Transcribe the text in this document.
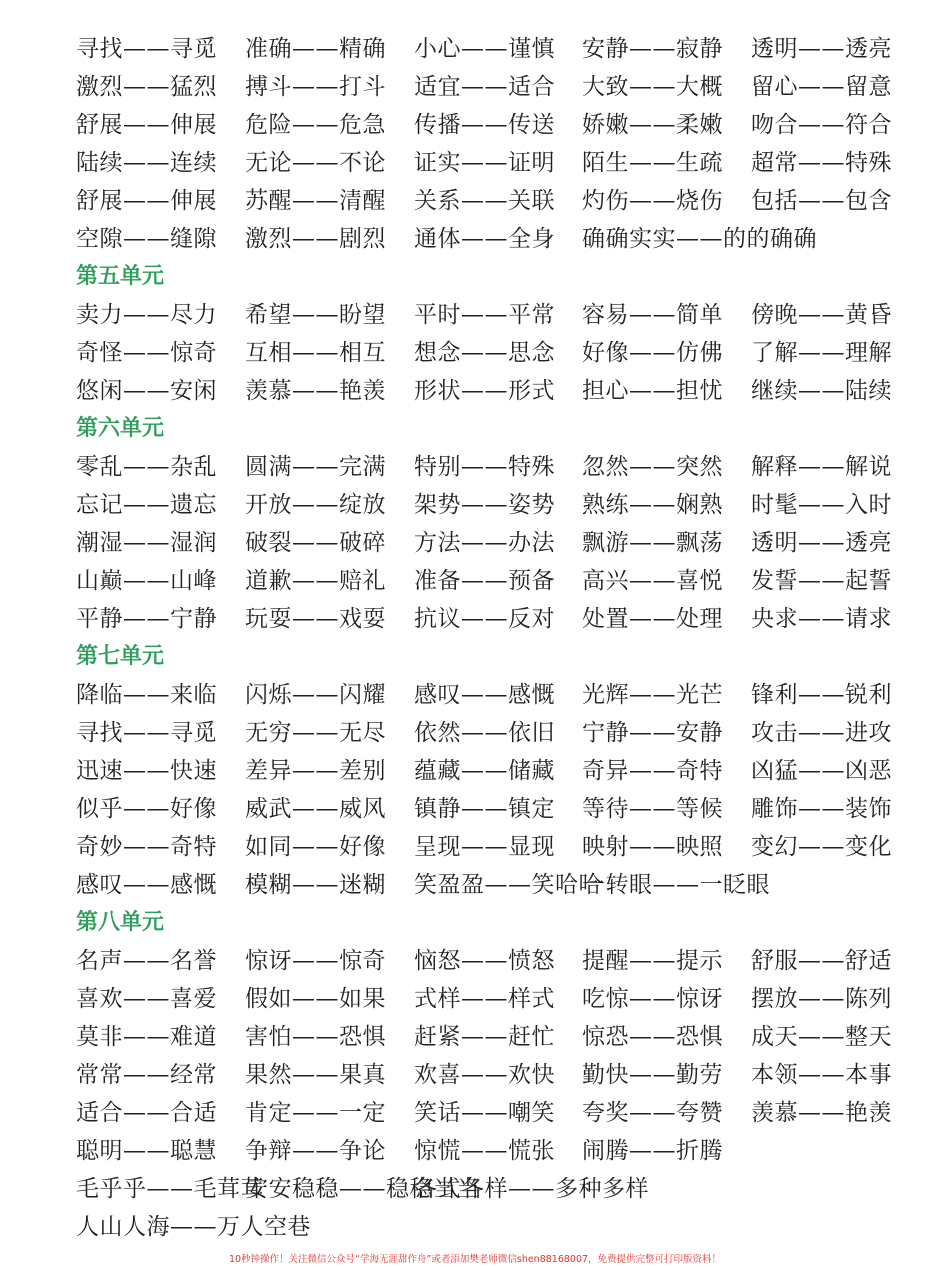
寻找——寻觅 准确——精确 小心——谨慎 安静——寂静 透明——透亮
激烈——猛烈 搏斗——打斗 适宜——适合 大致——大概 留心——留意
舒展——伸展 危险——危急 传播——传送 娇嫩——柔嫩 吻合——符合
陆续——连续 无论——不论 证实——证明 陌生——生疏 超常——特殊
舒展——伸展 苏醒——清醒 关系——关联 灼伤——烧伤 包括——包含
空隙——缝隙 激烈——剧烈 通体——全身 确确实实——的的确确
第五单元
卖力——尽力 希望——盼望 平时——平常 容易——简单 傍晚——黄昏
奇怪——惊奇 互相——相互 想念——思念 好像——仿佛 了解——理解
悠闲——安闲 羡慕——艳羡 形状——形式 担心——担忧 继续——陆续
第六单元
零乱——杂乱 圆满——完满 特别——特殊 忽然——突然 解释——解说
忘记——遗忘 开放——绽放 架势——姿势 熟练——娴熟 时髦——入时
潮湿——湿润 破裂——破碎 方法——办法 飘游——飘荡 透明——透亮
山巅——山峰 道歉——赔礼 准备——预备 高兴——喜悦 发誓——起誓
平静——宁静 玩耍——戏耍 抗议——反对 处置——处理 央求——请求
第七单元
降临——来临 闪烁——闪耀 感叹——感慨 光辉——光芒 锋利——锐利
寻找——寻觅 无穷——无尽 依然——依旧 宁静——安静 攻击——进攻
迅速——快速 差异——差别 蕴藏——储藏 奇异——奇特 凶猛——凶恶
似乎——好像 威武——威风 镇静——镇定 等待——等候 雕饰——装饰
奇妙——奇特 如同——好像 呈现——显现 映射——映照 变幻——变化
感叹——感慨 模糊——迷糊 笑盈盈——笑哈哈
一转眼——一眨眼
第八单元
名声——名誉 惊讶——惊奇 恼怒——愤怒 提醒——提示 舒服——舒适
喜欢——喜爱 假如——如果 式样——样式 吃惊——惊讶 摆放——陈列
莫非——难道 害怕——恐惧 赶紧——赶忙 惊恐——恐惧 成天——整天
常常——经常 果然——果真 欢喜——欢快 勤快——勤劳 本领——本事
适合——合适 肯定——一定 笑话——嘲笑 夸奖——夸赞 羡慕——艳羡
聪明——聪慧 争辩——争论 惊慌——慌张 闹腾——折腾
毛乎乎——毛茸茸
安安稳稳——稳稳当当
各式各样——多种多样
人山人海——万人空巷
10秒钟操作！关注微信公众号“学海无涯甜作舟”或者添加樊老师微信shen88168007，免费提供完整可打印版资料！
